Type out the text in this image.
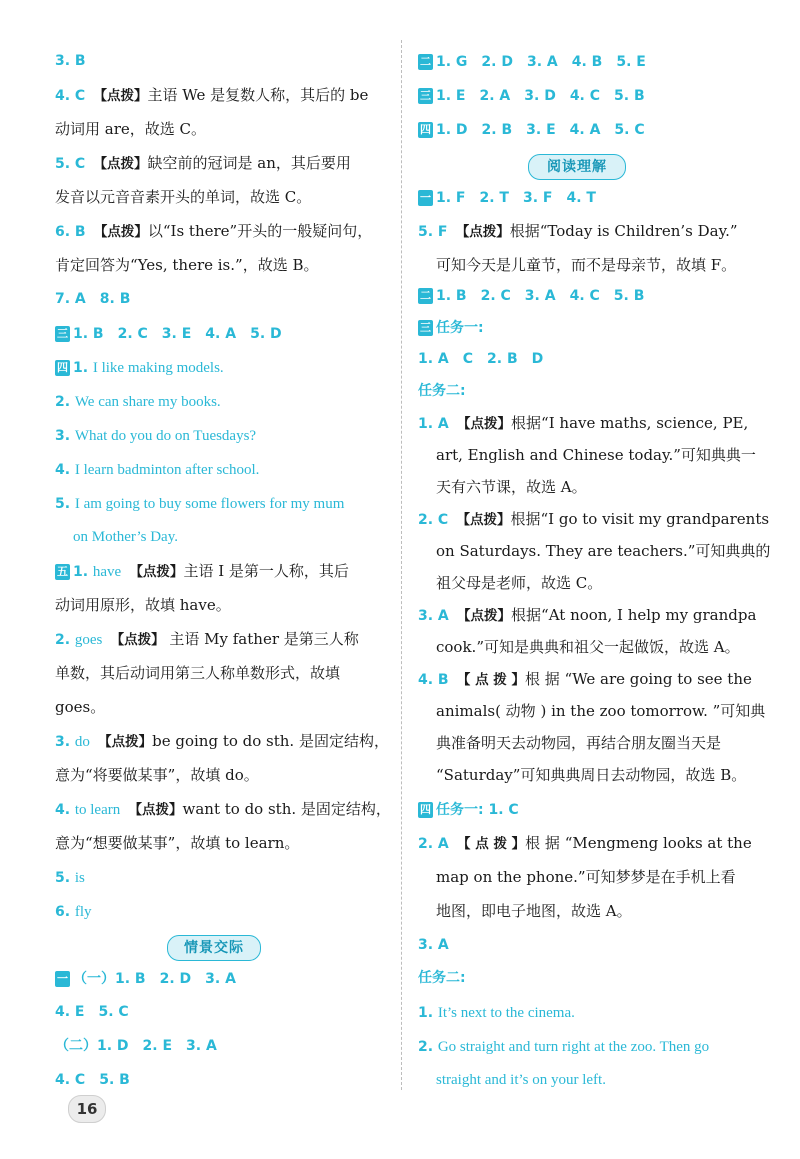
3. B
4. C　 【点拨】主语 We 是复数人称，其后的 be
动词用 are，故选 C。
5. C　 【点拨】缺空前的冠词是 an，其后要用
发音以元音音素开头的单词，故选 C。
6. B　 【点拨】以“Is there”开头的一般疑问句，
肯定回答为“Yes, there is.”，故选 B。
7. A　8. B
三 1. B　2. C　3. E　4. A　5. D
四 1. I like making models.
2. We can share my books.
3. What do you do on Tuesdays?
4. I learn badminton after school.
5. I am going to buy some flowers for my mum
on Mother’s Day.
五 1. have　 【点拨】主语 I 是第一人称，其后
动词用原形，故填 have。
2. goes　 【点拨】 主语 My father 是第三人称
单数，其后动词用第三人称单数形式，故填
goes。
3. do　 【点拨】be going to do sth. 是固定结构，
意为“将要做某事”，故填 do。
4. to learn　 【点拨】want to do sth. 是固定结构，
意为“想要做某事”，故填 to learn。
5. is
6. fly
情景交际
一 （一）1. B　2. D　3. A
4. E　5. C
（二）1. D　2. E　3. A
4. C　5. B
二 1. G　2. D　3. A　4. B　5. E
三 1. E　2. A　3. D　4. C　5. B
四 1. D　2. B　3. E　4. A　5. C
阅读理解
一 1. F　2. T　3. F　4. T
5. F　 【点拨】根据“Today is Children’s Day.”
可知今天是儿童节，而不是母亲节，故填 F。
二 1. B　2. C　3. A　4. C　5. B
三 任务一:
1. A　C　2. B　D
任务二:
1. A　 【点拨】根据“I have maths, science, PE,
art, English and Chinese today.”可知典典一
天有六节课，故选 A。
2. C　 【点拨】根据“I go to visit my grandparents
on Saturdays. They are teachers.”可知典典的
祖父母是老师，故选 C。
3. A　 【点拨】根据“At noon, I help my grandpa
cook.”可知是典典和祖父一起做饭，故选 A。
4. B　 【 点 拨 】根 据 “We are going to see the
animals( 动物 ) in the zoo tomorrow. ”可知典
典准备明天去动物园，再结合朋友圈当天是
“Saturday”可知典典周日去动物园，故选 B。
四 任务一: 1. C
2. A　 【 点 拨 】根 据 “Mengmeng looks at the
map on the phone.”可知梦梦是在手机上看
地图，即电子地图，故选 A。
3. A
任务二:
1. It’s next to the cinema.
2. Go straight and turn right at the zoo. Then go
straight and it’s on your left.
16
